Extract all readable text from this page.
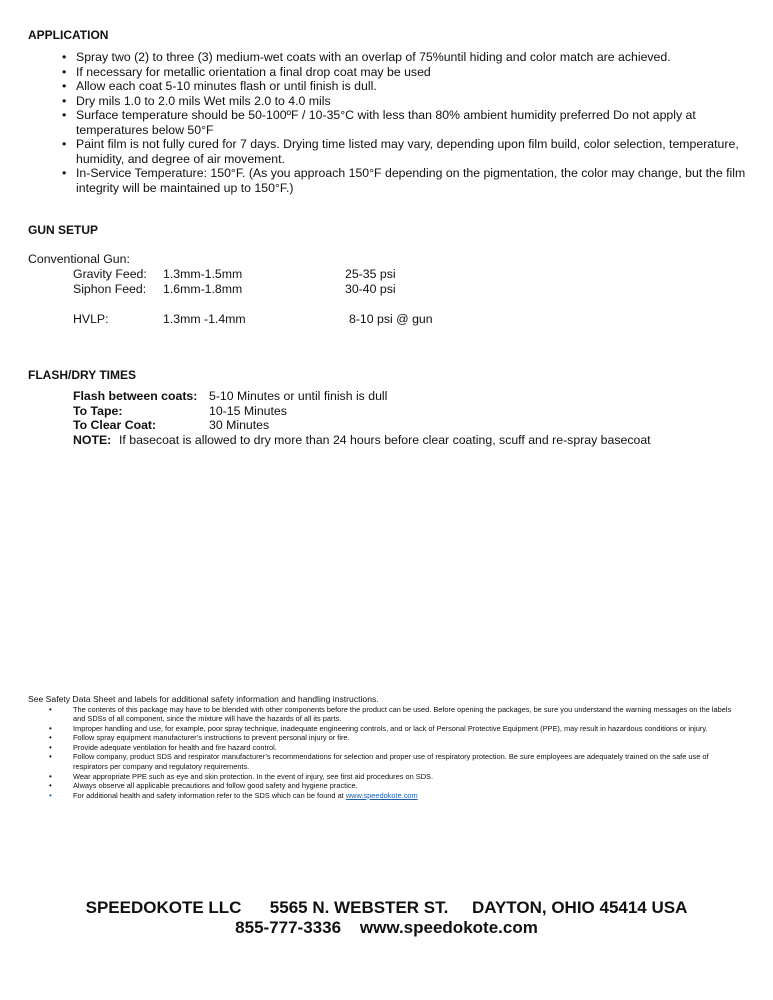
APPLICATION
• Spray two (2) to three (3) medium-wet coats with an overlap of 75%until hiding and color match are achieved.
• If necessary for metallic orientation a final drop coat may be used
• Allow each coat 5-10 minutes flash or until finish is dull.
• Dry mils 1.0 to 2.0 mils Wet mils 2.0 to 4.0 mils
• Surface temperature should be 50-100ºF / 10-35°C with less than 80% ambient humidity preferred Do not apply at temperatures below 50°F
• Paint film is not fully cured for 7 days. Drying time listed may vary, depending upon film build, color selection, temperature, humidity, and degree of air movement.
• In-Service Temperature: 150°F. (As you approach 150°F depending on the pigmentation, the color may change, but the film integrity will be maintained up to 150°F.)
GUN SETUP
Conventional Gun:
Gravity Feed: 1.3mm-1.5mm	25-35 psi
Siphon Feed: 1.6mm-1.8mm	30-40 psi
HVLP:	1.3mm -1.4mm	8-10 psi @ gun
FLASH/DRY TIMES
Flash between coats: 5-10 Minutes or until finish is dull
To Tape:	10-15 Minutes
To Clear Coat:	30 Minutes
NOTE: If basecoat is allowed to dry more than 24 hours before clear coating, scuff and re-spray basecoat
See Safety Data Sheet and labels for additional safety information and handling instructions.
•	The contents of this package may have to be blended with other components before the product can be used. Before opening the packages, be sure you understand the warning messages on the labels and SDSs of all component, since the mixture will have the hazards of all its parts.
•	Improper handling and use, for example, poor spray technique, inadequate engineering controls, and or lack of Personal Protective Equipment (PPE), may result in hazardous conditions or injury.
•	Follow spray equipment manufacturer’s instructions to prevent personal injury or fire.
•	Provide adequate ventilation for health and fire hazard control.
•	Follow company, product SDS and respirator manufacturer’s recommendations for selection and proper use of respiratory protection. Be sure employees are adequately trained on the safe use of respirators per company and regulatory requirements.
•	Wear appropriate PPE such as eye and skin protection. In the event of injury, see first aid procedures on SDS.
•	Always observe all applicable precautions and follow good safety and hygiene practice.
•	For additional health and safety information refer to the SDS which can be found at www.speedokote.com
SPEEDOKOTE LLC      5565 N. WEBSTER ST.     DAYTON, OHIO 45414 USA
855-777-3336    www.speedokote.com
